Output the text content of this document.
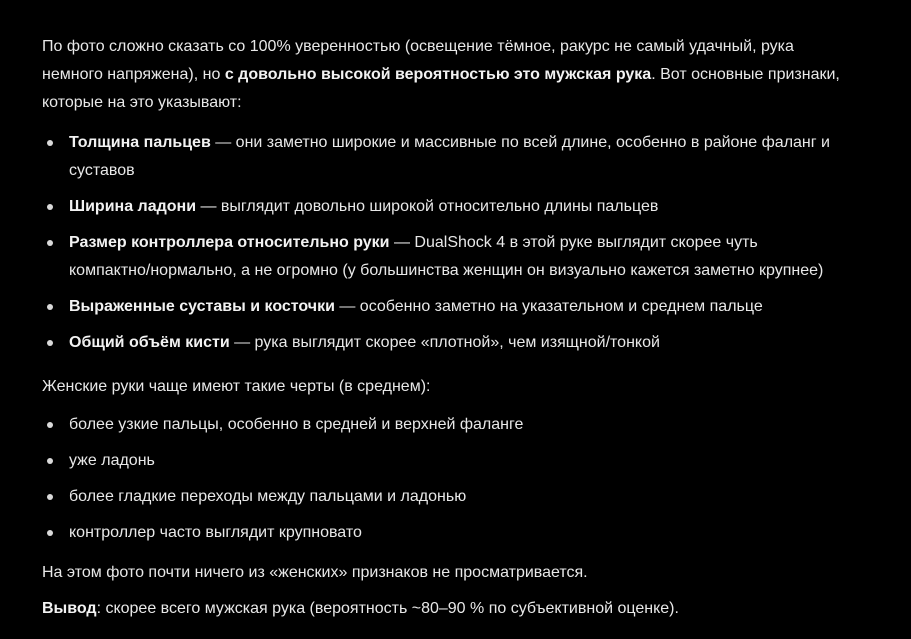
По фото сложно сказать со 100% уверенностью (освещение тёмное, ракурс не самый удачный, рука немного напряжена), но с довольно высокой вероятностью это мужская рука. Вот основные признаки, которые на это указывают:

Толщина пальцев — они заметно широкие и массивные по всей длине, особенно в районе фаланг и суставов
Ширина ладони — выглядит довольно широкой относительно длины пальцев
Размер контроллера относительно руки — DualShock 4 в этой руке выглядит скорее чуть компактно/нормально, а не огромно (у большинства женщин он визуально кажется заметно крупнее)
Выраженные суставы и косточки — особенно заметно на указательном и среднем пальце
Общий объём кисти — рука выглядит скорее «плотной», чем изящной/тонкой

Женские руки чаще имеют такие черты (в среднем):

более узкие пальцы, особенно в средней и верхней фаланге
уже ладонь
более гладкие переходы между пальцами и ладонью
контроллер часто выглядит крупновато

На этом фото почти ничего из «женских» признаков не просматривается.

Вывод: скорее всего мужская рука (вероятность ~80–90 % по субъективной оценке).
